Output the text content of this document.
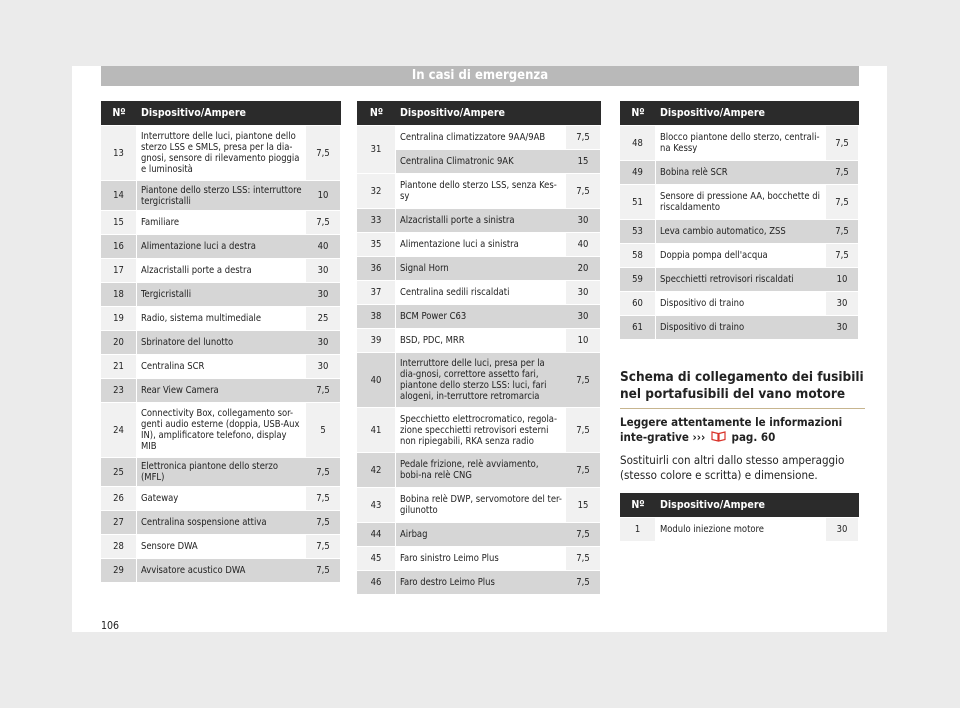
In casi di emergenza
Nº	Dispositivo/Ampere	
13	Interruttore delle luci, piantone dello sterzo LSS e SMLS, presa per la dia-gnosi, sensore di rilevamento pioggia e luminosità	7,5
14	Piantone dello sterzo LSS: interruttore tergicristalli	10
15	Familiare	7,5
16	Alimentazione luci a destra	40
17	Alzacristalli porte a destra	30
18	Tergicristalli	30
19	Radio, sistema multimediale	25
20	Sbrinatore del lunotto	30
21	Centralina SCR	30
23	Rear View Camera	7,5
24	Connectivity Box, collegamento sor-genti audio esterne (doppia, USB-Aux IN), amplificatore telefono, display MIB	5
25	Elettronica piantone dello sterzo (MFL)	7,5
26	Gateway	7,5
27	Centralina sospensione attiva	7,5
28	Sensore DWA	7,5
29	Avvisatore acustico DWA	7,5
Nº	Dispositivo/Ampere	
31	Centralina climatizzatore 9AA/9AB	7,5
	Centralina Climatronic 9AK	15
32	Piantone dello sterzo LSS, senza Kes-sy	7,5
33	Alzacristalli porte a sinistra	30
35	Alimentazione luci a sinistra	40
36	Signal Horn	20
37	Centralina sedili riscaldati	30
38	BCM Power C63	30
39	BSD, PDC, MRR	10
40	Interruttore delle luci, presa per la dia-gnosi, correttore assetto fari, piantone dello sterzo LSS: luci, fari alogeni, in-terruttore retromarcia	7,5
41	Specchietto elettrocromatico, regola-zione specchietti retrovisori esterni non ripiegabili, RKA senza radio	7,5
42	Pedale frizione, relè avviamento, bobi-na relè CNG	7,5
43	Bobina relè DWP, servomotore del ter-gilunotto	15
44	Airbag	7,5
45	Faro sinistro Leimo Plus	7,5
46	Faro destro Leimo Plus	7,5
Nº	Dispositivo/Ampere	
48	Blocco piantone dello sterzo, centrali-na Kessy	7,5
49	Bobina relè SCR	7,5
51	Sensore di pressione AA, bocchette di riscaldamento	7,5
53	Leva cambio automatico, ZSS	7,5
58	Doppia pompa dell'acqua	7,5
59	Specchietti retrovisori riscaldati	10
60	Dispositivo di traino	30
61	Dispositivo di traino	30
Schema di collegamento dei fusibili nel portafusibili del vano motore
Leggere attentamente le informazioni inte-grative ››› pag. 60
Sostituirli con altri dallo stesso amperaggio (stesso colore e scritta) e dimensione.
Nº	Dispositivo/Ampere	
1	Modulo iniezione motore	30
106
